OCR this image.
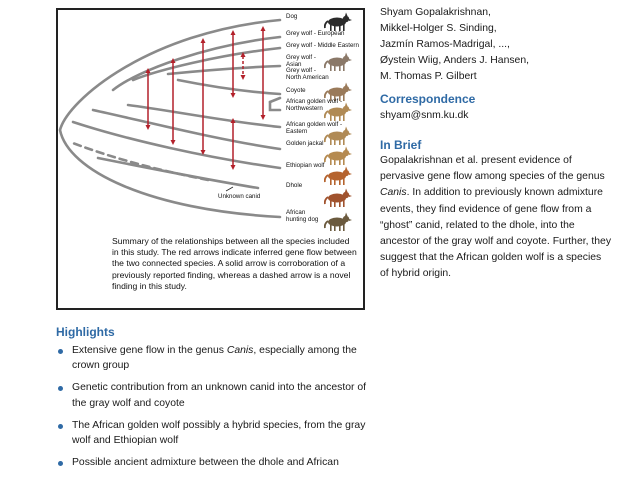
Dog
Grey wolf - European
Grey wolf - Middle Eastern
Grey wolf -
Asian
Grey wolf -
North American
Coyote
African golden wolf -
Northwestern
African golden wolf -
Eastern
Golden jackal
Ethiopian wolf
Dhole
African
hunting dog
Unknown canid
Summary of the relationships between all the species included in this study. The red arrows indicate inferred gene flow between the two connected species. A solid arrow is corroboration of a previously reported finding, whereas a dashed arrow is a novel finding in this study.
Shyam Gopalakrishnan,
Mikkel-Holger S. Sinding,
Jazmín Ramos-Madrigal, ...,
Øystein Wiig, Anders J. Hansen,
M. Thomas P. Gilbert
Correspondence
shyam@snm.ku.dk
In Brief
Gopalakrishnan et al. present evidence of pervasive gene flow among species of the genus Canis. In addition to previously known admixture events, they find evidence of gene flow from a “ghost” canid, related to the dhole, into the ancestor of the gray wolf and coyote. Further, they suggest that the African golden wolf is a species of hybrid origin.
Highlights
Extensive gene flow in the genus Canis, especially among the crown group
Genetic contribution from an unknown canid into the ancestor of the gray wolf and coyote
The African golden wolf possibly a hybrid species, from the gray wolf and Ethiopian wolf
Possible ancient admixture between the dhole and African
